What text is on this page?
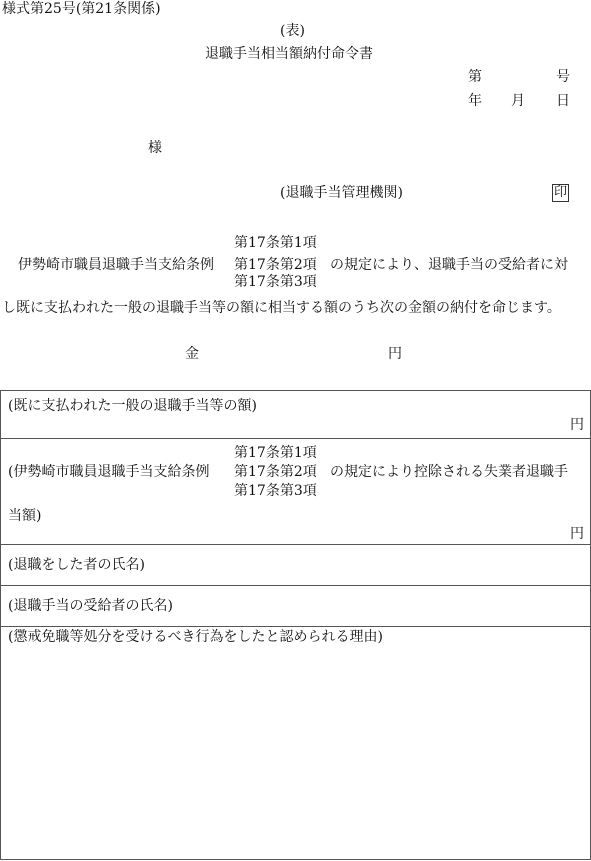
様式第25号(第21条関係)
(表)
退職手当相当額納付命令書
第	号
年 月 日
様
(退職手当管理機関)	印
第17条第1項
伊勢崎市職員退職手当支給条例 第17条第2項 の規定により、退職手当の受給者に対
第17条第3項
し既に支払われた一般の退職手当等の額に相当する額のうち次の金額の納付を命じます。
金	円
(既に支払われた一般の退職手当等の額)
円
第17条第1項
(伊勢崎市職員退職手当支給条例 第17条第2項 の規定により控除される失業者退職手
第17条第3項
当額)
円
(退職をした者の氏名)
(退職手当の受給者の氏名)
(懲戒免職等処分を受けるべき行為をしたと認められる理由)
